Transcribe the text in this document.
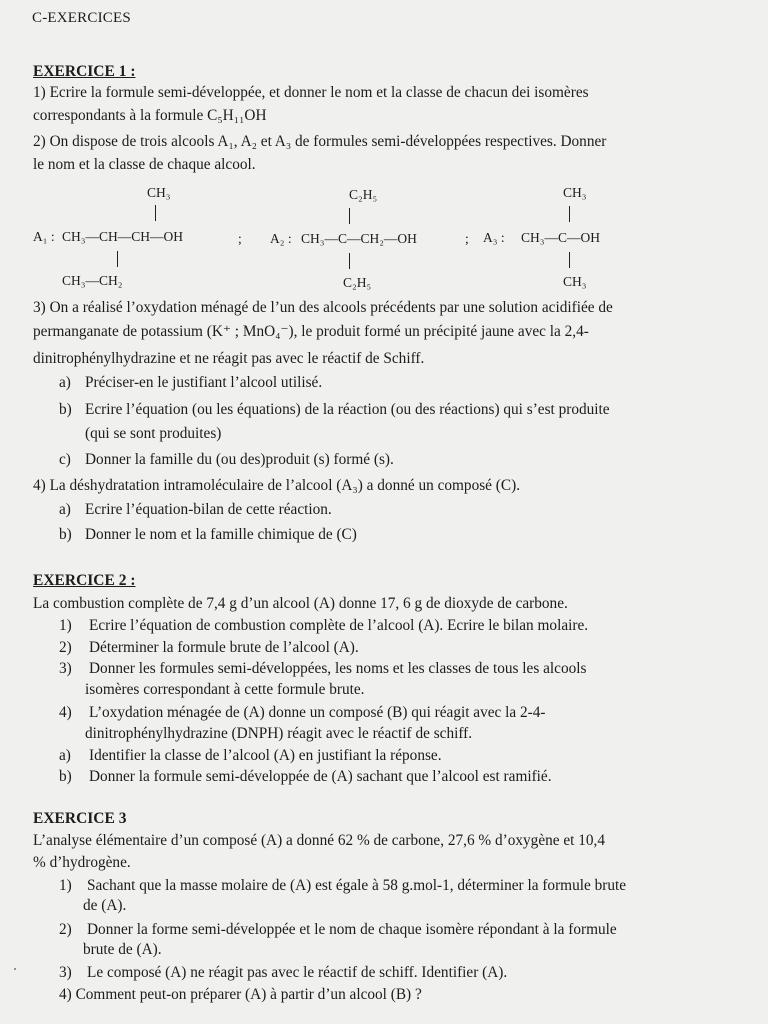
C-EXERCICES
EXERCICE 1 :
1) Ecrire la formule semi-développée, et donner le nom et la classe de chacun dei isomères
correspondants à la formule C₅H₁₁OH
2) On dispose de trois alcools A₁, A₂ et A₃ de formules semi-développées respectives. Donner
le nom et la classe de chaque alcool.
CH₃
A₁ : CH₃—CH—CH—OH
CH₃—CH₂
;
C₂H₅
A₂ : CH₃—C—CH₂—OH
C₂H₅
;
CH₃
A₃ : CH₃—C—OH
CH₃
3) On a réalisé l’oxydation ménagé de l’un des alcools précédents par une solution acidifiée de
permanganate de potassium (K⁺ ; MnO₄⁻), le produit formé un précipité jaune avec la 2,4-
dinitrophénylhydrazine et ne réagit pas avec le réactif de Schiff.
a) Préciser-en le justifiant l’alcool utilisé.
b) Ecrire l’équation (ou les équations) de la réaction (ou des réactions) qui s’est produite
(qui se sont produites)
c) Donner la famille du (ou des)produit (s) formé (s).
4) La déshydratation intramoléculaire de l’alcool (A₃) a donné un composé (C).
a) Ecrire l’équation-bilan de cette réaction.
b) Donner le nom et la famille chimique de (C)
EXERCICE 2 :
La combustion complète de 7,4 g d’un alcool (A) donne 17, 6 g de dioxyde de carbone.
1) Ecrire l’équation de combustion complète de l’alcool (A). Ecrire le bilan molaire.
2) Déterminer la formule brute de l’alcool (A).
3) Donner les formules semi-développées, les noms et les classes de tous les alcools
isomères correspondant à cette formule brute.
4) L’oxydation ménagée de (A) donne un composé (B) qui réagit avec la 2-4-
dinitrophénylhydrazine (DNPH) réagit avec le réactif de schiff.
a) Identifier la classe de l’alcool (A) en justifiant la réponse.
b) Donner la formule semi-développée de (A) sachant que l’alcool est ramifié.
EXERCICE 3
L’analyse élémentaire d’un composé (A) a donné 62 % de carbone, 27,6 % d’oxygène et 10,4
% d’hydrogène.
1) Sachant que la masse molaire de (A) est égale à 58 g.mol-1, déterminer la formule brute
de (A).
2) Donner la forme semi-développée et le nom de chaque isomère répondant à la formule
brute de (A).
3) Le composé (A) ne réagit pas avec le réactif de schiff. Identifier (A).
4) Comment peut-on préparer (A) à partir d’un alcool (B) ?
